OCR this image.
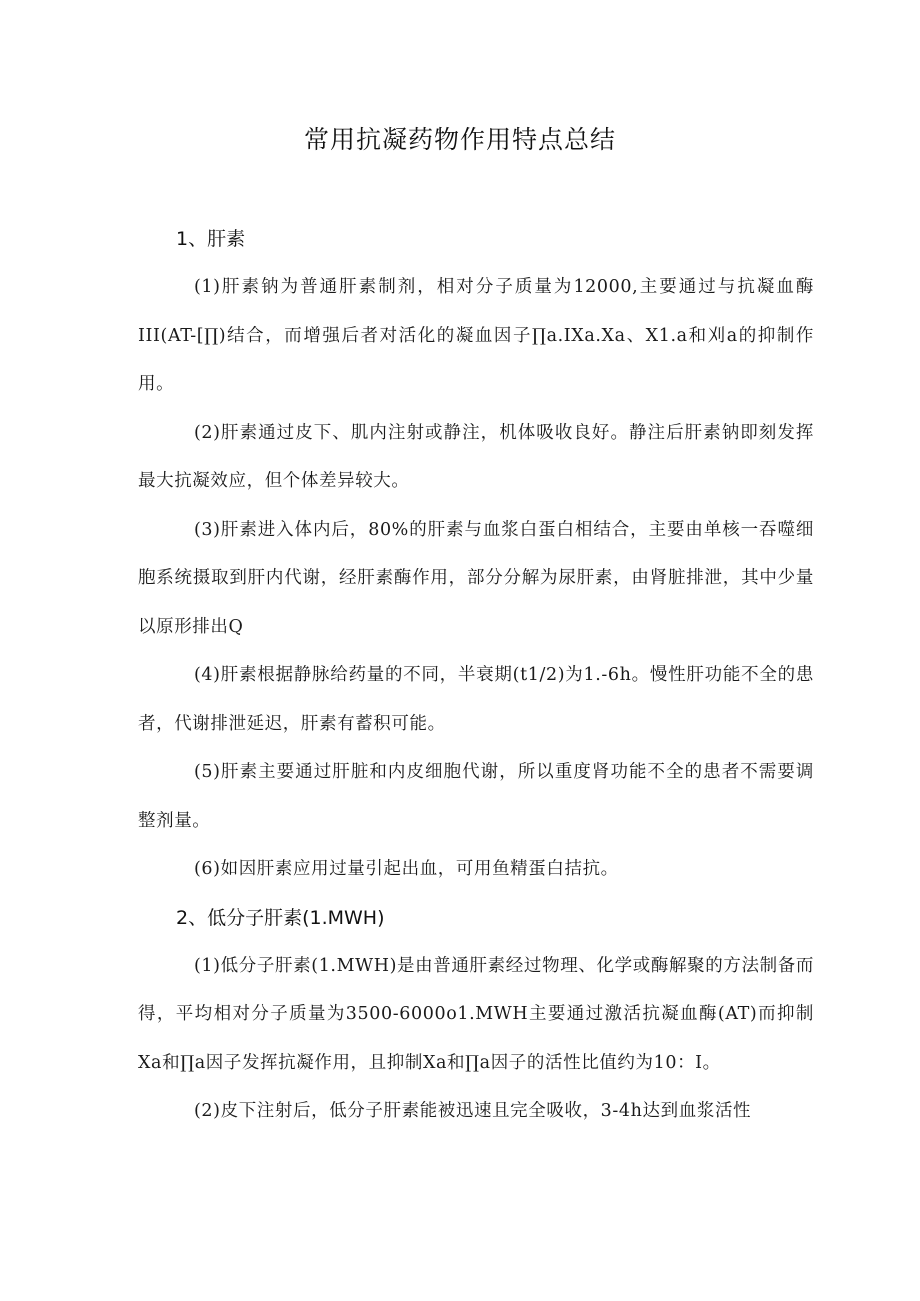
常用抗凝药物作用特点总结

1、肝素

(1)肝素钠为普通肝素制剂，相对分子质量为12000,主要通过与抗凝血酶III(AT-[∏)结合，而增强后者对活化的凝血因子∏a.IXa.Xa、X1.a和刈a的抑制作用。

(2)肝素通过皮下、肌内注射或静注，机体吸收良好。静注后肝素钠即刻发挥最大抗凝效应，但个体差异较大。

(3)肝素进入体内后，80%的肝素与血浆白蛋白相结合，主要由单核一吞噬细胞系统摄取到肝内代谢，经肝素酶作用，部分分解为尿肝素，由肾脏排泄，其中少量以原形排出Q

(4)肝素根据静脉给药量的不同，半衰期(t1/2)为1.-6h。慢性肝功能不全的患者，代谢排泄延迟，肝素有蓄积可能。

(5)肝素主要通过肝脏和内皮细胞代谢，所以重度肾功能不全的患者不需要调整剂量。

(6)如因肝素应用过量引起出血，可用鱼精蛋白拮抗。

2、低分子肝素(1.MWH)

(1)低分子肝素(1.MWH)是由普通肝素经过物理、化学或酶解聚的方法制备而得，平均相对分子质量为3500-6000o1.MWH主要通过激活抗凝血酶(AT)而抑制Xa和∏a因子发挥抗凝作用，且抑制Xa和∏a因子的活性比值约为10：I。

(2)皮下注射后，低分子肝素能被迅速且完全吸收，3-4h达到血浆活性
